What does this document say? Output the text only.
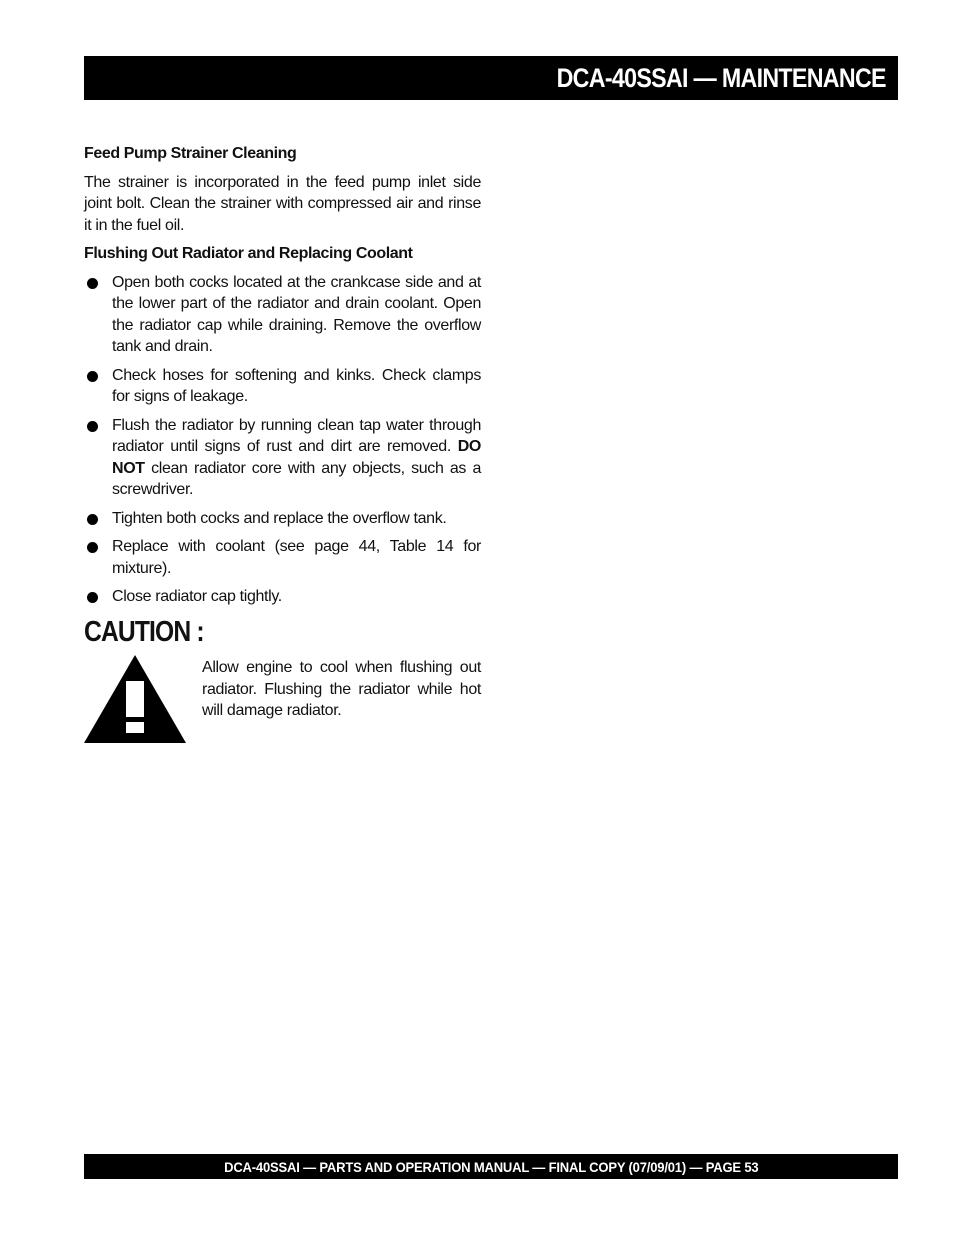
DCA-40SSAI — MAINTENANCE
Feed Pump Strainer Cleaning

The strainer is incorporated in the feed pump inlet side joint bolt. Clean the strainer with compressed air and rinse it in the fuel oil.

Flushing Out Radiator and Replacing Coolant
Open both cocks located at the crankcase side and at the lower part of the radiator and drain coolant. Open the radiator cap while draining. Remove the overflow tank and drain.
Check hoses for softening and kinks. Check clamps for signs of leakage.
Flush the radiator by running clean tap water through radiator until signs of rust and dirt are removed. DO NOT clean radiator core with any objects, such as a screwdriver.
Tighten both cocks and replace the overflow tank.
Replace with coolant (see page 44, Table 14 for mixture).
Close radiator cap tightly.
CAUTION :
Allow engine to cool when flushing out radiator. Flushing the radiator while hot will damage radiator.
DCA-40SSAI — PARTS AND OPERATION MANUAL — FINAL COPY (07/09/01) — PAGE 53
